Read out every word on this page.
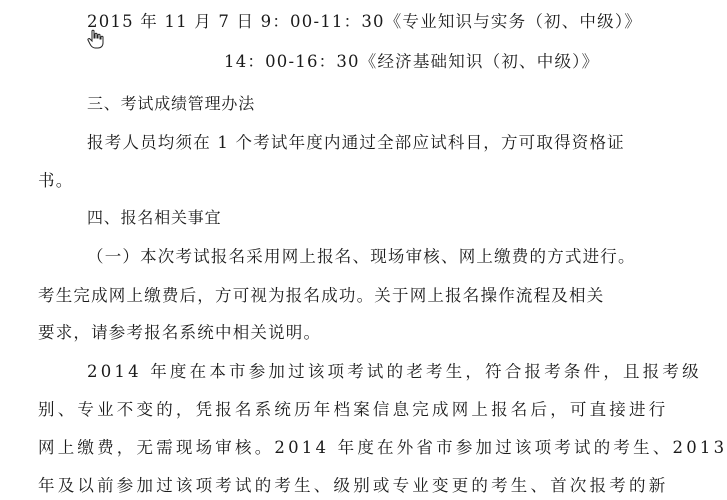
2015 年 11 月 7 日 9：00-11：30《专业知识与实务（初、中级）》
14：00-16：30《经济基础知识（初、中级）》
三、考试成绩管理办法
报考人员均须在 1 个考试年度内通过全部应试科目，方可取得资格证
书。
四、报名相关事宜
（一）本次考试报名采用网上报名、现场审核、网上缴费的方式进行。
考生完成网上缴费后，方可视为报名成功。关于网上报名操作流程及相关
要求，请参考报名系统中相关说明。
2014 年度在本市参加过该项考试的老考生，符合报考条件，且报考级
别、专业不变的，凭报名系统历年档案信息完成网上报名后，可直接进行
网上缴费，无需现场审核。2014 年度在外省市参加过该项考试的考生、2013
年及以前参加过该项考试的考生、级别或专业变更的考生、首次报考的新
